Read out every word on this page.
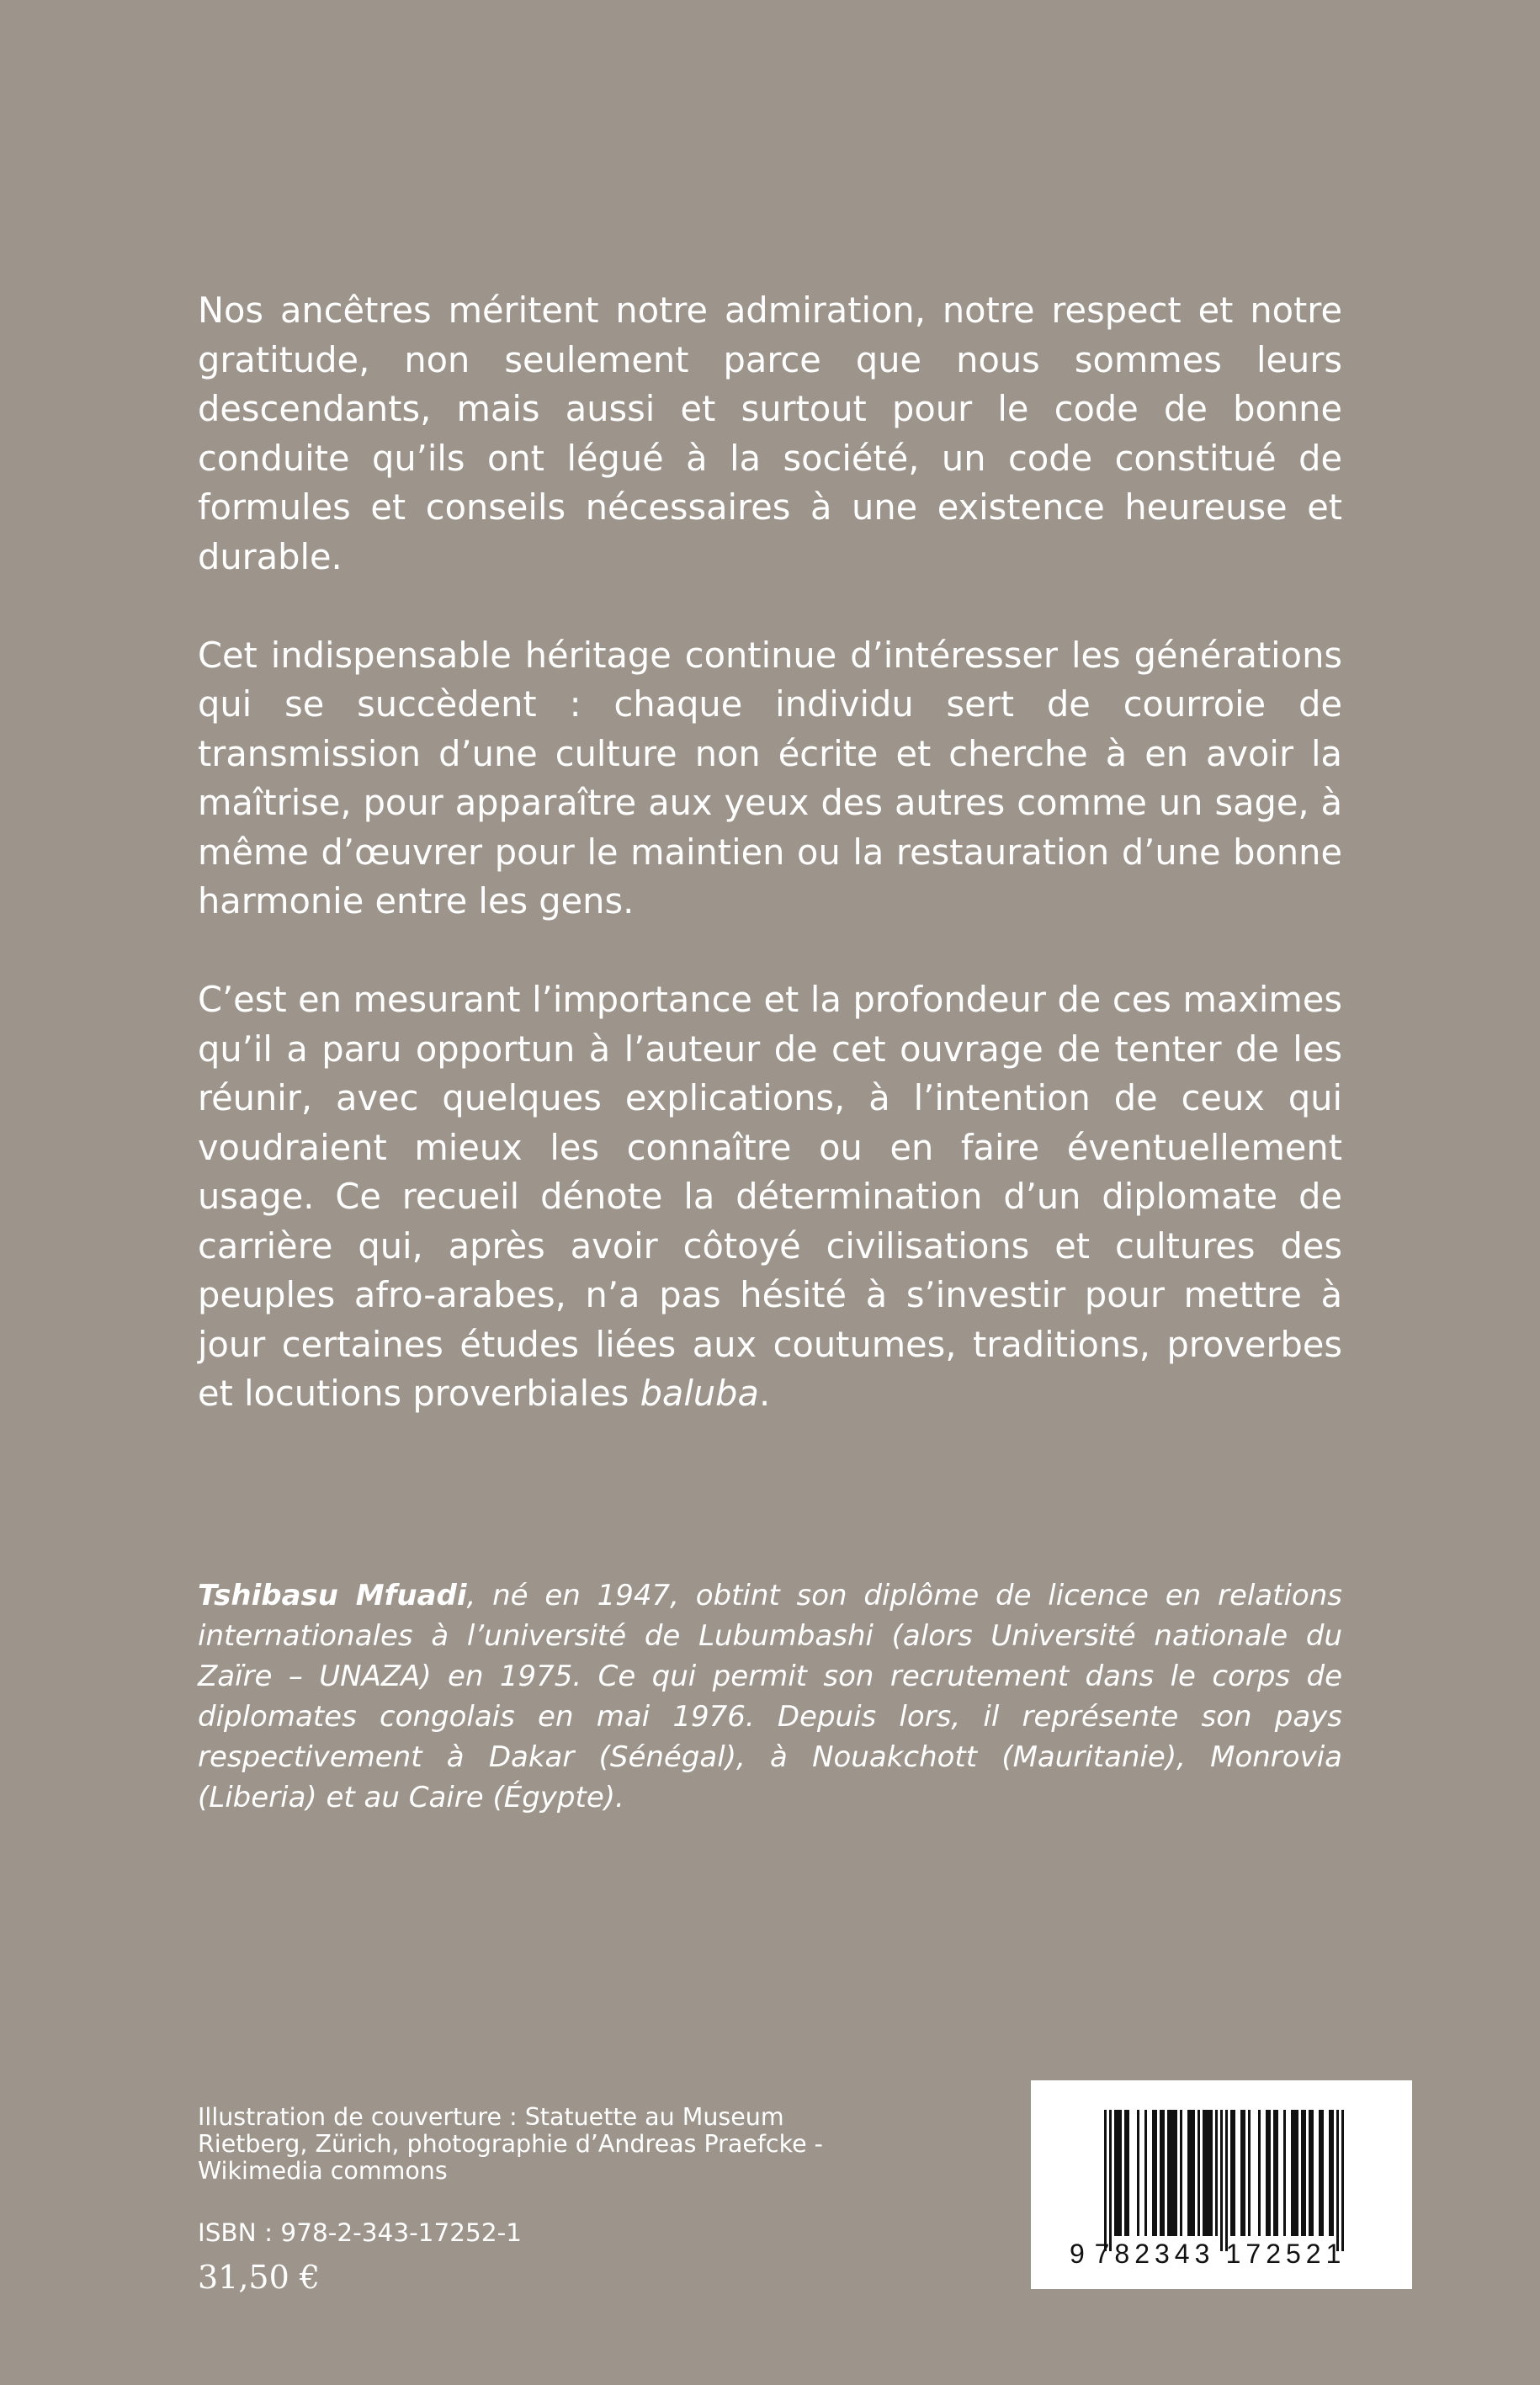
Nos ancêtres méritent notre admiration, notre respect et notre gratitude, non seulement parce que nous sommes leurs descendants, mais aussi et surtout pour le code de bonne conduite qu’ils ont légué à la société, un code constitué de formules et conseils nécessaires à une existence heureuse et durable.

Cet indispensable héritage continue d’intéresser les générations qui se succèdent : chaque individu sert de courroie de transmission d’une culture non écrite et cherche à en avoir la maîtrise, pour apparaître aux yeux des autres comme un sage, à même d’œuvrer pour le maintien ou la restauration d’une bonne harmonie entre les gens.

C’est en mesurant l’importance et la profondeur de ces maximes qu’il a paru opportun à l’auteur de cet ouvrage de tenter de les réunir, avec quelques explications, à l’intention de ceux qui voudraient mieux les connaître ou en faire éventuellement usage. Ce recueil dénote la détermination d’un diplomate de carrière qui, après avoir côtoyé civilisations et cultures des peuples afro-arabes, n’a pas hésité à s’investir pour mettre à jour certaines études liées aux coutumes, traditions, proverbes et locutions proverbiales baluba.

Tshibasu Mfuadi, né en 1947, obtint son diplôme de licence en relations internationales à l’université de Lubumbashi (alors Université nationale du Zaïre – UNAZA) en 1975. Ce qui permit son recrutement dans le corps de diplomates congolais en mai 1976. Depuis lors, il représente son pays respectivement à Dakar (Sénégal), à Nouakchott (Mauritanie), Monrovia (Liberia) et au Caire (Égypte).
Illustration de couverture : Statuette au Museum Rietberg, Zürich, photographie d’Andreas Praefcke - Wikimedia commons
ISBN : 978-2-343-17252-1
31,50 €
9 782343 172521
